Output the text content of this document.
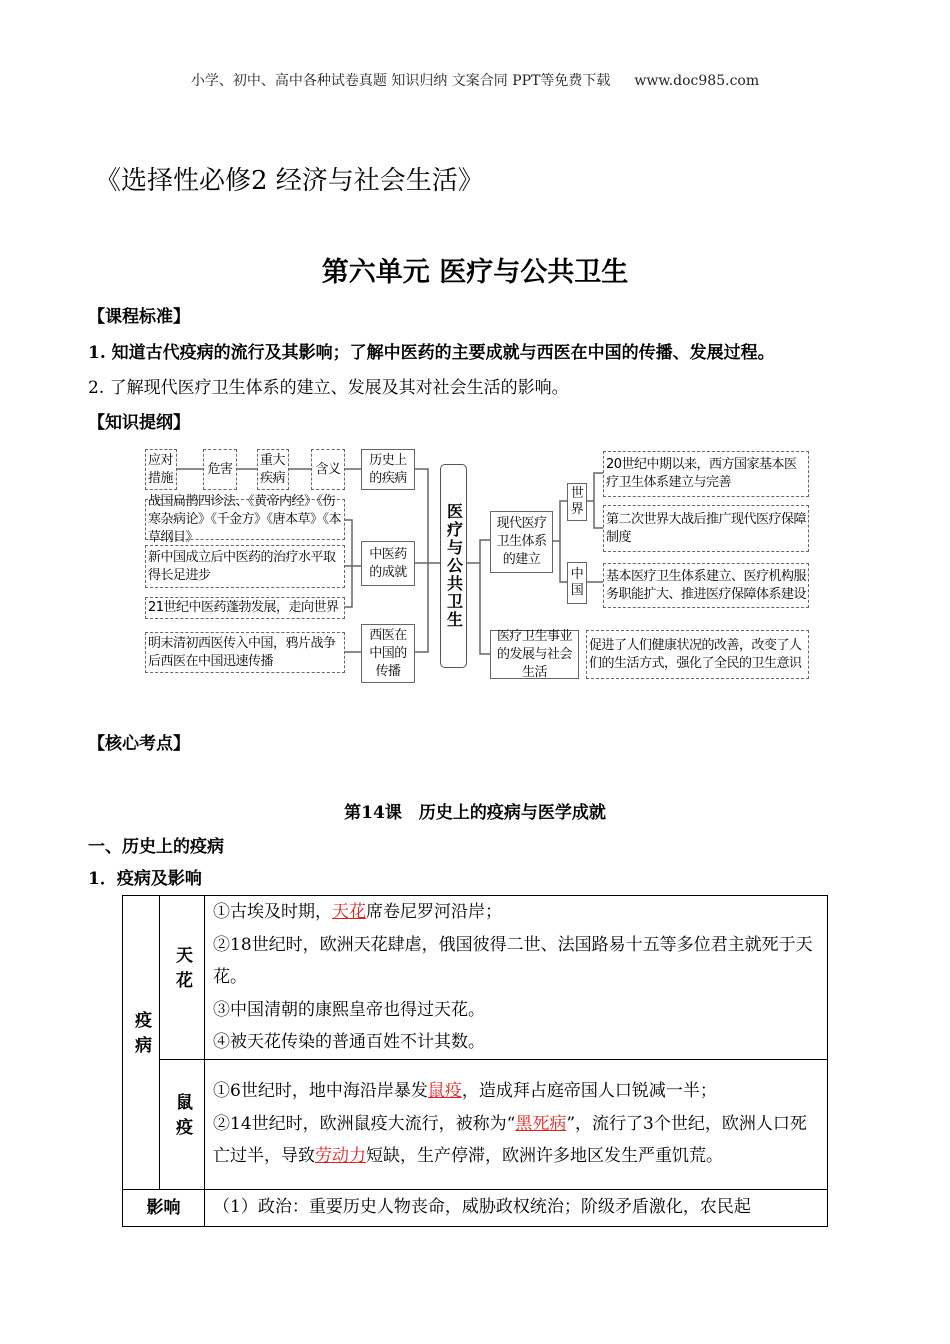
小学、初中、高中各种试卷真题 知识归纳 文案合同 PPT等免费下载 www.doc985.com
《选择性必修2 经济与社会生活》
第六单元 医疗与公共卫生
【课程标准】
1. 知道古代疫病的流行及其影响；了解中医药的主要成就与西医在中国的传播、发展过程。
2. 了解现代医疗卫生体系的建立、发展及其对社会生活的影响。
【知识提纲】
应对措施
危害
重大疾病
含义
历史上的疾病
战国扁鹊四诊法、《黄帝内经》《伤寒杂病论》《千金方》《唐本草》《本草纲目》
新中国成立后中医药的治疗水平取得长足进步
21世纪中医药蓬勃发展，走向世界
明末清初西医传入中国，鸦片战争后西医在中国迅速传播
中医药的成就
西医在中国的传播
医疗与公共卫生	现代医疗卫生体系的建立
世界
中国
20世纪中期以来，西方国家基本医疗卫生体系建立与完善
第二次世界大战后推广现代医疗保障制度
基本医疗卫生体系建立、医疗机构服务职能扩大、推进医疗保障体系建设
医疗卫生事业的发展与社会生活
促进了人们健康状况的改善，改变了人们的生活方式，强化了全民的卫生意识
【核心考点】
第14课　历史上的疫病与医学成就
一、历史上的疫病
1．疫病及影响
疫病	天花	①古埃及时期，天花席卷尼罗河沿岸；
②18世纪时，欧洲天花肆虐，俄国彼得二世、法国路易十五等多位君主就死于天花。
③中国清朝的康熙皇帝也得过天花。
④被天花传染的普通百姓不计其数。

	鼠疫	①6世纪时，地中海沿岸暴发鼠疫，造成拜占庭帝国人口锐减一半；
②14世纪时，欧洲鼠疫大流行，被称为“黑死病”，流行了3个世纪，欧洲人口死亡过半，导致劳动力短缺，生产停滞，欧洲许多地区发生严重饥荒。

影响		（1）政治：重要历史人物丧命，威胁政权统治；阶级矛盾激化，农民起
